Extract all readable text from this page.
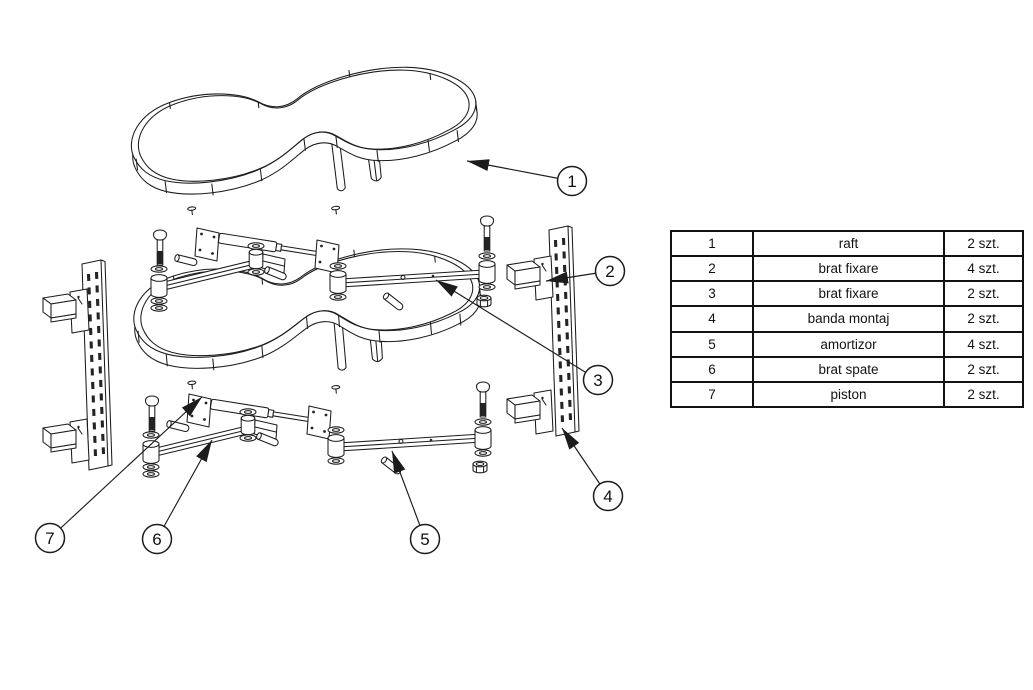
1
2
3
4
5
6
7
1	raft	2 szt.
2	brat fixare	4 szt.
3	brat fixare	2 szt.
4	banda montaj	2 szt.
5	amortizor	4 szt.
6	brat spate	2 szt.
7	piston	2 szt.
